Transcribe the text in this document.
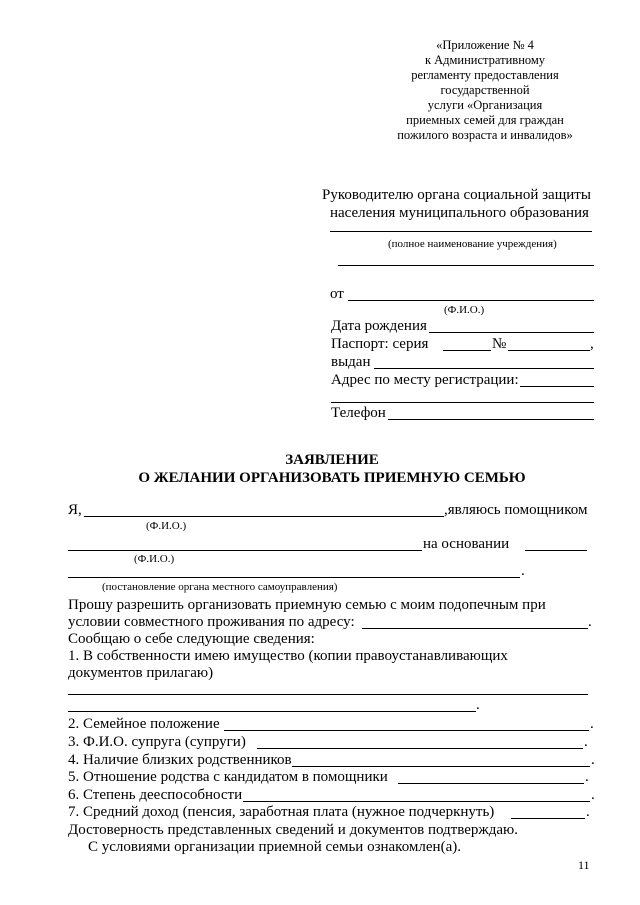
«Приложение № 4
к Административному
регламенту предоставления
государственной
услуги «Организация
приемных семей для граждан
пожилого возраста и инвалидов»
Руководителю органа социальной защиты
населения муниципального образования
(полное наименование учреждения)
от
(Ф.И.О.)
Дата рождения
Паспорт: серия	№	,
выдан
Адрес по месту регистрации:
Телефон
ЗАЯВЛЕНИЕ
О ЖЕЛАНИИ ОРГАНИЗОВАТЬ ПРИЕМНУЮ СЕМЬЮ
Я,	,являюсь помощником
(Ф.И.О.)
на основании
(Ф.И.О.)
.
(постановление органа местного самоуправления)
Прошу разрешить организовать приемную семью с моим подопечным при
условии совместного проживания по адресу:	.
Сообщаю о себе следующие сведения:
1. В собственности имею имущество (копии правоустанавливающих
документов прилагаю)
.
2. Семейное положение	.
3. Ф.И.О. супруга (супруги)	.
4. Наличие близких родственников	.
5. Отношение родства с кандидатом в помощники	.
6. Степень дееспособности	.
7. Средний доход (пенсия, заработная плата (нужное подчеркнуть)	.
Достоверность представленных сведений и документов подтверждаю.
С условиями организации приемной семьи ознакомлен(а).
11
